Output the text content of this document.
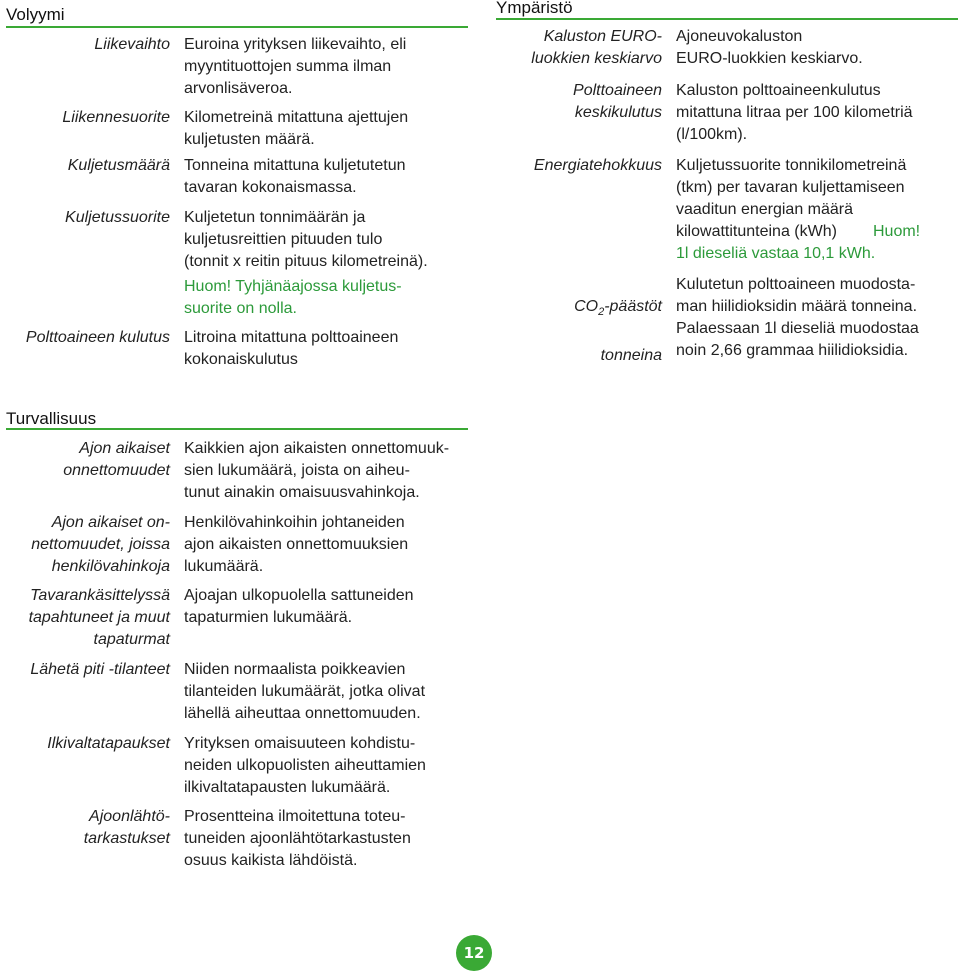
Volyymi
Liikevaihto Euroina yrityksen liikevaihto, eli
myyntituottojen summa ilman
arvonlisäveroa.
Liikennesuorite Kilometreinä mitattuna ajettujen
kuljetusten määrä.
Kuljetusmäärä Tonneina mitattuna kuljetutetun
tavaran kokonaismassa.
Kuljetussuorite Kuljetetun tonnimäärän ja
kuljetusreittien pituuden tulo
(tonnit x reitin pituus kilometreinä).
Huom! Tyhjänäajossa kuljetus-
suorite on nolla.
Polttoaineen kulutus Litroina mitattuna polttoaineen
kokonaiskulutus
Ympäristö
Kaluston EURO-
luokkien keskiarvo
Ajoneuvokaluston
EURO-luokkien keskiarvo.
Polttoaineen
keskikulutus
Kaluston polttoaineenkulutus
mitattuna litraa per 100 kilometriä
(l/100km).
Energiatehokkuus Kuljetussuorite tonnikilometreinä
(tkm) per tavaran kuljettamiseen
vaaditun energian määrä
kilowattitunteina (kWh)	Huom!
1l dieseliä vastaa 10,1 kWh.

$CO_2$-päästöt

tonneina

Kulutetun polttoaineen muodosta-
man hiilidioksidin määrä tonneina.
Palaessaan 1l dieseliä muodostaa
noin 2,66 grammaa hiilidioksidia.
Turvallisuus
Ajon aikaiset
onnettomuudet
Kaikkien ajon aikaisten onnettomuuk-
sien lukumäärä, joista on aiheu-
tunut ainakin omaisuusvahinkoja.
Ajon aikaiset on-
nettomuudet, joissa
henkilövahinkoja
Henkilövahinkoihin johtaneiden
ajon aikaisten onnettomuuksien
lukumäärä.
Tavarankäsittelyssä
tapahtuneet ja muut
tapaturmat
Ajoajan ulkopuolella sattuneiden
tapaturmien lukumäärä.
Lähetä piti -tilanteet Niiden normaalista poikkeavien
tilanteiden lukumäärät, jotka olivat
lähellä aiheuttaa onnettomuuden.
Ilkivaltatapaukset Yrityksen omaisuuteen kohdistu-
neiden ulkopuolisten aiheuttamien
ilkivaltatapausten lukumäärä.
Ajoonlähtö-
tarkastukset
Prosentteina ilmoitettuna toteu-
tuneiden ajoonlähtötarkastusten
osuus kaikista lähdöistä.
12
